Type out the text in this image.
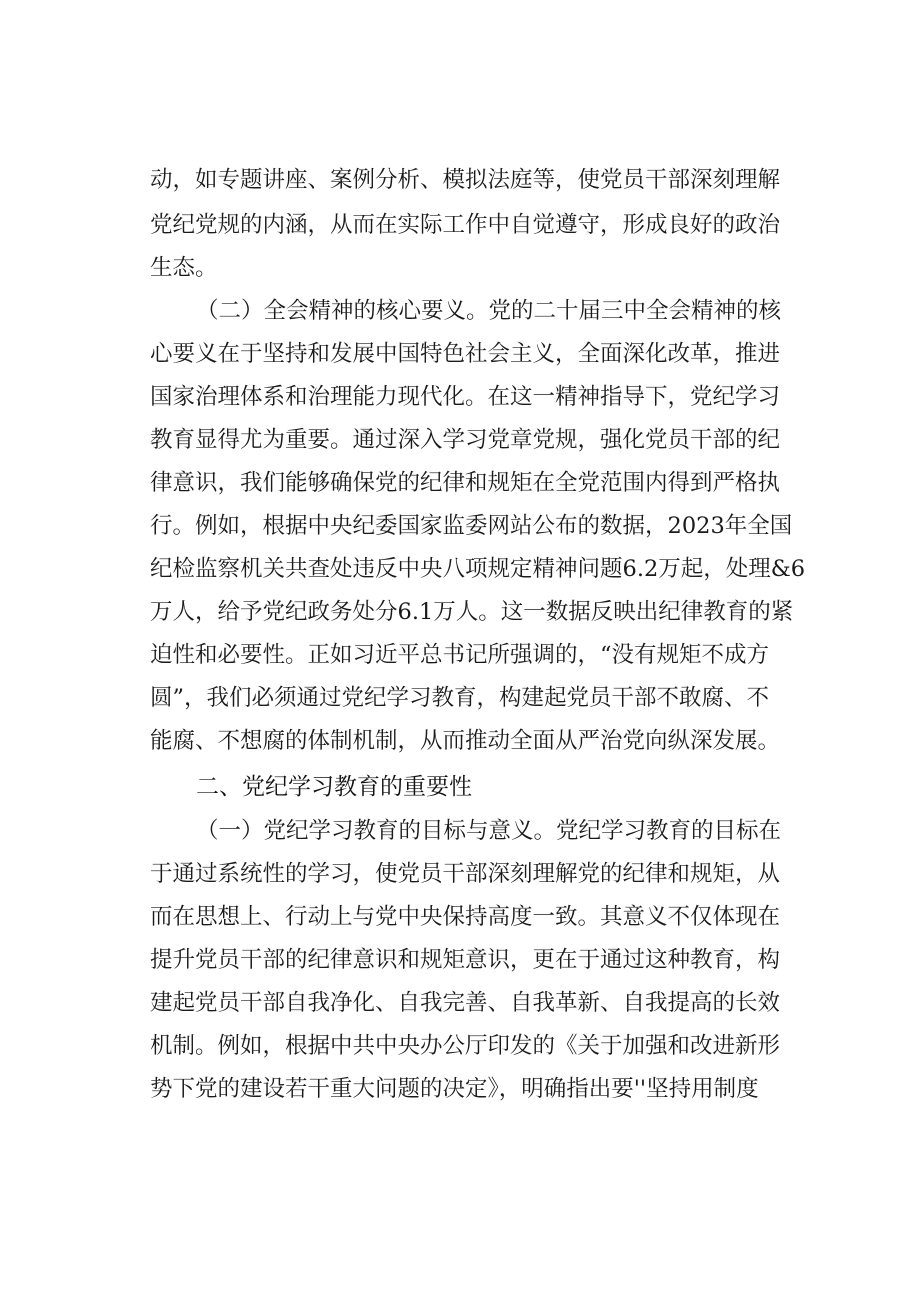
动，如专题讲座、案例分析、模拟法庭等，使党员干部深刻理解
党纪党规的内涵，从而在实际工作中自觉遵守，形成良好的政治
生态。
（二）全会精神的核心要义。党的二十届三中全会精神的核
心要义在于坚持和发展中国特色社会主义，全面深化改革，推进
国家治理体系和治理能力现代化。在这一精神指导下，党纪学习
教育显得尤为重要。通过深入学习党章党规，强化党员干部的纪
律意识，我们能够确保党的纪律和规矩在全党范围内得到严格执
行。例如，根据中央纪委国家监委网站公布的数据，2023年全国
纪检监察机关共查处违反中央八项规定精神问题6.2万起，处理&6
万人，给予党纪政务处分6.1万人。这一数据反映出纪律教育的紧
迫性和必要性。正如习近平总书记所强调的，“没有规矩不成方
圆”，我们必须通过党纪学习教育，构建起党员干部不敢腐、不
能腐、不想腐的体制机制，从而推动全面从严治党向纵深发展。
二、党纪学习教育的重要性
（一）党纪学习教育的目标与意义。党纪学习教育的目标在
于通过系统性的学习，使党员干部深刻理解党的纪律和规矩，从
而在思想上、行动上与党中央保持高度一致。其意义不仅体现在
提升党员干部的纪律意识和规矩意识，更在于通过这种教育，构
建起党员干部自我净化、自我完善、自我革新、自我提高的长效
机制。例如，根据中共中央办公厅印发的《关于加强和改进新形
势下党的建设若干重大问题的决定》，明确指出要''坚持用制度
